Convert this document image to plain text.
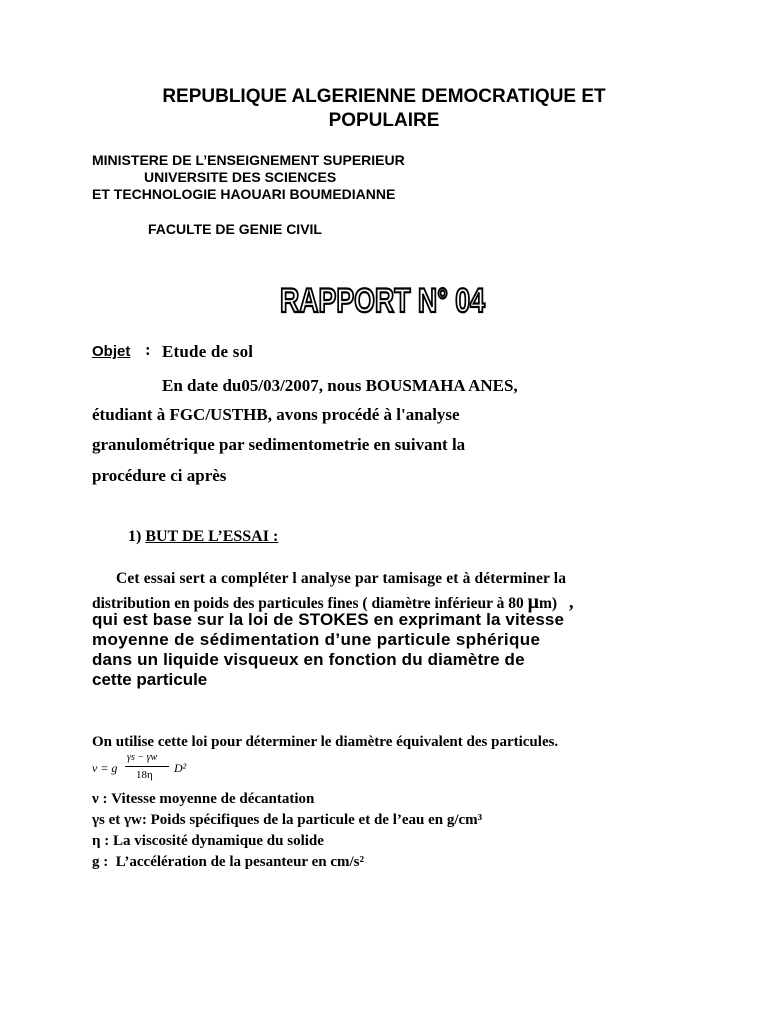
REPUBLIQUE ALGERIENNE DEMOCRATIQUE ET
POPULAIRE
MINISTERE DE L’ENSEIGNEMENT SUPERIEUR
UNIVERSITE DES SCIENCES
ET TECHNOLOGIE HAOUARI BOUMEDIANNE
FACULTE DE GENIE CIVIL
RAPPORT N° 04
Objet : Etude de sol
En date du05/03/2007, nous BOUSMAHA ANES,
étudiant à FGC/USTHB, avons procédé à l'analyse
granulométrique par sedimentometrie en suivant la
procédure ci après
1) BUT DE L’ESSAI :
Cet essai sert a compléter l analyse par tamisage et à déterminer la
distribution en poids des particules fines ( diamètre inférieur à 80 μm) ,
qui est base sur la loi de STOKES en exprimant la vitesse
moyenne de sédimentation d’une particule sphérique
dans un liquide visqueux en fonction du diamètre de
cette particule
On utilise cette loi pour déterminer le diamètre équivalent des particules.
ν = g
γs − γw
18η D²
ν : Vitesse moyenne de décantation
γs et γw: Poids spécifiques de la particule et de l’eau en g/cm³
η : La viscosité dynamique du solide
g : L’accélération de la pesanteur en cm/s²
